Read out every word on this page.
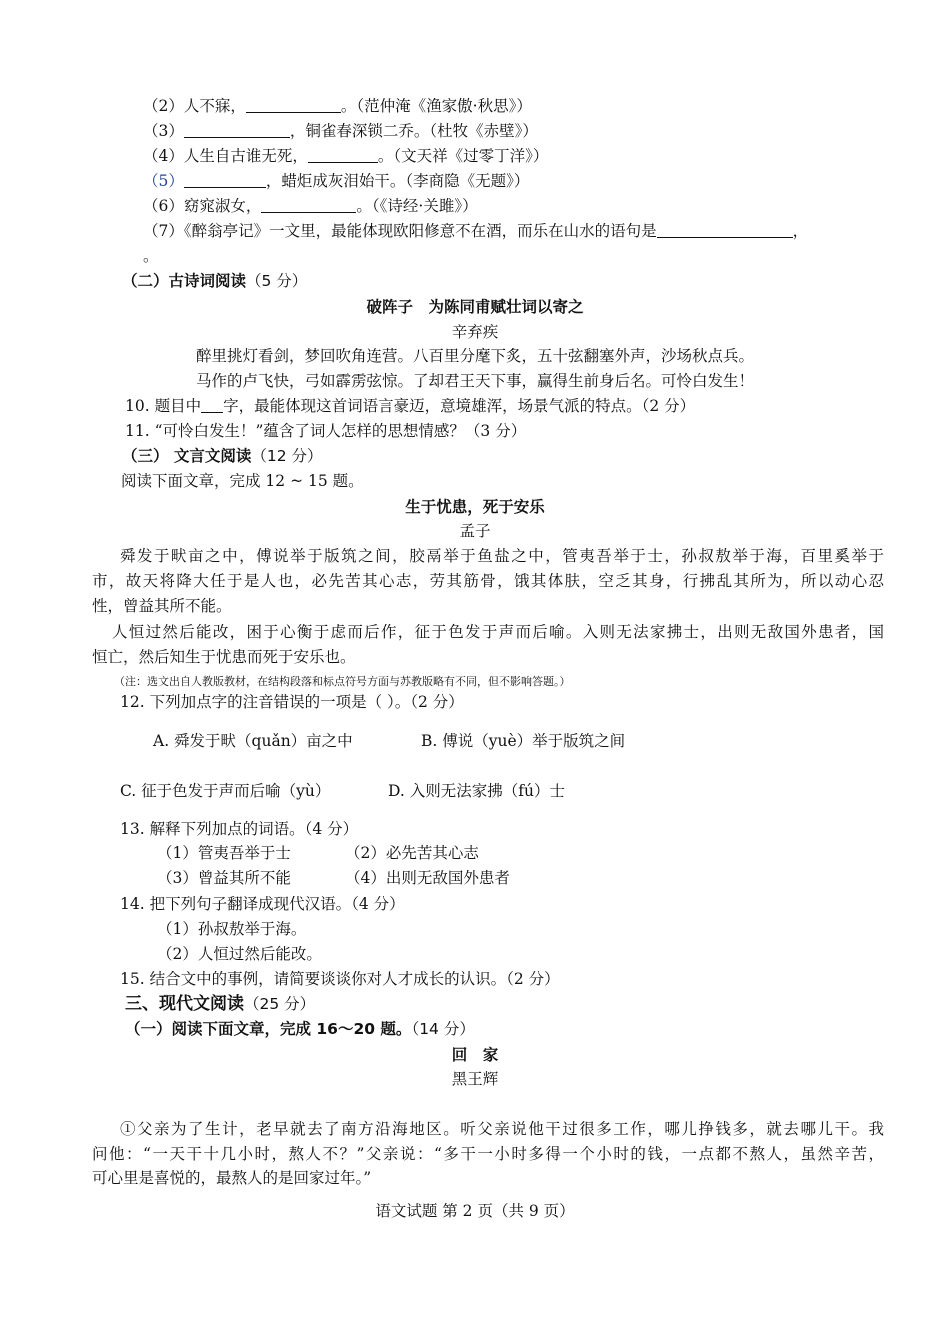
（2）人不寐，	。（范仲淹《渔家傲·秋思》）
（3）	，铜雀春深锁二乔。（杜牧《赤壁》）
（4）人生自古谁无死，	。（文天祥《过零丁洋》）
（5）	，蜡炬成灰泪始干。（李商隐《无题》）
（6）窈窕淑女，	。（《诗经·关雎》）
（7）《醉翁亭记》一文里，最能体现欧阳修意不在酒，而乐在山水的语句是	，
。
（二）古诗词阅读（5 分）
破阵子　为陈同甫赋壮词以寄之
辛弃疾
醉里挑灯看剑，梦回吹角连营。八百里分麾下炙，五十弦翻塞外声，沙场秋点兵。
马作的卢飞快，弓如霹雳弦惊。了却君王天下事，赢得生前身后名。可怜白发生！
10. 题目中 字，最能体现这首词语言豪迈，意境雄浑，场景气派的特点。（2 分）
11. “可怜白发生！”蕴含了词人怎样的思想情感？（3 分）
（三） 文言文阅读（12 分）
阅读下面文章，完成 12 ~ 15 题。
生于忧患，死于安乐
孟子
舜发于畎亩之中，傅说举于版筑之间，胶鬲举于鱼盐之中，管夷吾举于士，孙叔敖举于海，百里奚举于
市，故天将降大任于是人也，必先苦其心志，劳其筋骨，饿其体肤，空乏其身，行拂乱其所为，所以动心忍
性，曾益其所不能。
人恒过然后能改，困于心衡于虑而后作，征于色发于声而后喻。入则无法家拂士，出则无敌国外患者，国
恒亡，然后知生于忧患而死于安乐也。
（注：选文出自人教版教材，在结构段落和标点符号方面与苏教版略有不同，但不影响答题。）
12. 下列加点字的注音错误的一项是（ ）。（2 分）
A. 舜发于畎（quǎn）亩之中	B. 傅说（yuè）举于版筑之间
C. 征于色发于声而后喻（yù）	D. 入则无法家拂（fú）士
13. 解释下列加点的词语。（4 分）
（1）管夷吾举于士	（2）必先苦其心志
（3）曾益其所不能	（4）出则无敌国外患者
14. 把下列句子翻译成现代汉语。（4 分）
（1）孙叔敖举于海。
（2）人恒过然后能改。
15. 结合文中的事例，请简要谈谈你对人才成长的认识。（2 分）
三、现代文阅读（25 分）
（一）阅读下面文章，完成 16～20 题。（14 分）
回　家
黑王辉
①父亲为了生计，老早就去了南方沿海地区。听父亲说他干过很多工作，哪儿挣钱多，就去哪儿干。我
问他：“一天干十几小时，熬人不？”父亲说：“多干一小时多得一个小时的钱，一点都不熬人，虽然辛苦，
可心里是喜悦的，最熬人的是回家过年。”
语文试题 第 2 页（共 9 页）
